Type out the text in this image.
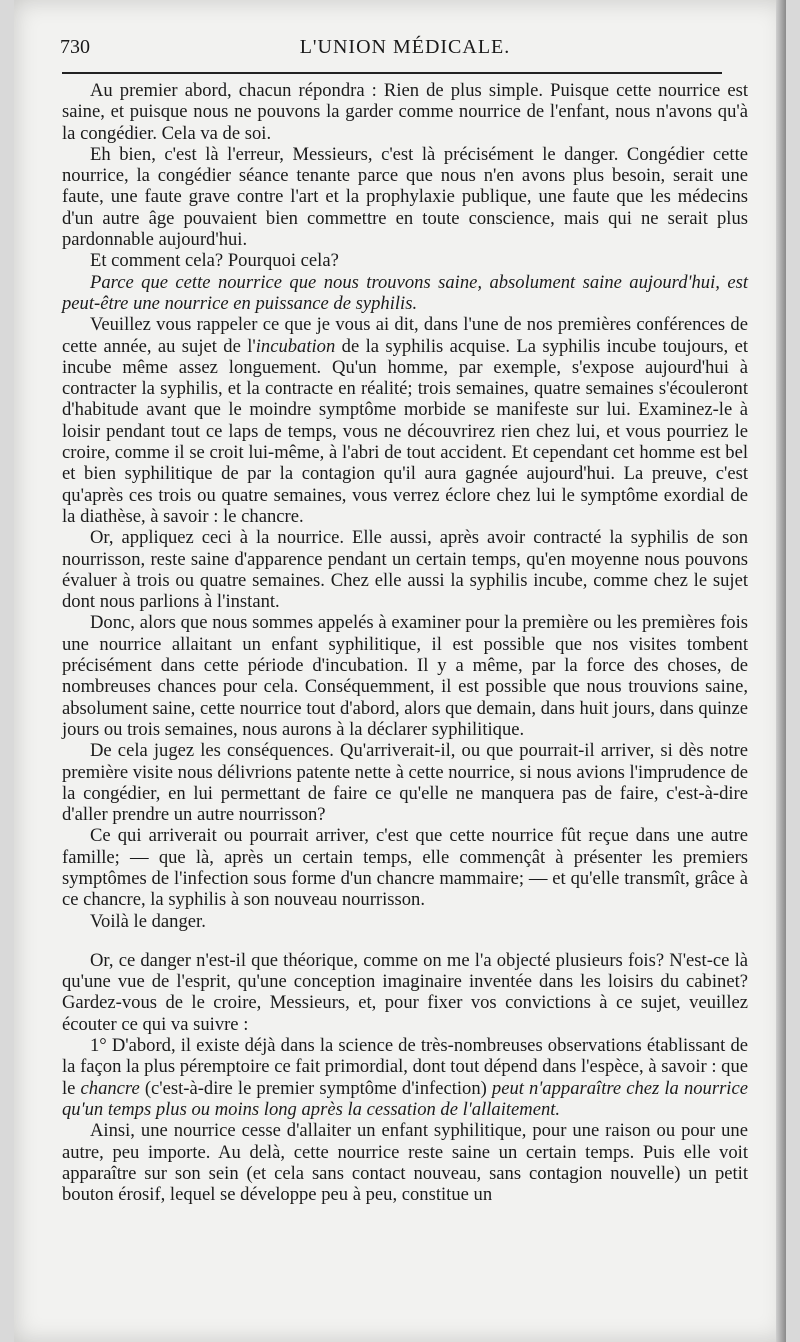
730	L'UNION MÉDICALE.

Au premier abord, chacun répondra : Rien de plus simple. Puisque cette nourrice est saine, et puisque nous ne pouvons la garder comme nourrice de l'enfant, nous n'avons qu'à la congédier. Cela va de soi.

Eh bien, c'est là l'erreur, Messieurs, c'est là précisément le danger. Congédier cette nourrice, la congédier séance tenante parce que nous n'en avons plus besoin, serait une faute, une faute grave contre l'art et la prophylaxie publique, une faute que les médecins d'un autre âge pouvaient bien commettre en toute conscience, mais qui ne serait plus pardonnable aujourd'hui.

Et comment cela? Pourquoi cela?

Parce que cette nourrice que nous trouvons saine, absolument saine aujourd'hui, est peut-être une nourrice en puissance de syphilis.

Veuillez vous rappeler ce que je vous ai dit, dans l'une de nos premières conférences de cette année, au sujet de l'incubation de la syphilis acquise. La syphilis incube toujours, et incube même assez longuement. Qu'un homme, par exemple, s'expose aujourd'hui à contracter la syphilis, et la contracte en réalité; trois semaines, quatre semaines s'écouleront d'habitude avant que le moindre symptôme morbide se manifeste sur lui. Examinez-le à loisir pendant tout ce laps de temps, vous ne découvrirez rien chez lui, et vous pourriez le croire, comme il se croit lui-même, à l'abri de tout accident. Et cependant cet homme est bel et bien syphilitique de par la contagion qu'il aura gagnée aujourd'hui. La preuve, c'est qu'après ces trois ou quatre semaines, vous verrez éclore chez lui le symptôme exordial de la diathèse, à savoir : le chancre.

Or, appliquez ceci à la nourrice. Elle aussi, après avoir contracté la syphilis de son nourrisson, reste saine d'apparence pendant un certain temps, qu'en moyenne nous pouvons évaluer à trois ou quatre semaines. Chez elle aussi la syphilis incube, comme chez le sujet dont nous parlions à l'instant.

Donc, alors que nous sommes appelés à examiner pour la première ou les premières fois une nourrice allaitant un enfant syphilitique, il est possible que nos visites tombent précisément dans cette période d'incubation. Il y a même, par la force des choses, de nombreuses chances pour cela. Conséquemment, il est possible que nous trouvions saine, absolument saine, cette nourrice tout d'abord, alors que demain, dans huit jours, dans quinze jours ou trois semaines, nous aurons à la déclarer syphilitique.

De cela jugez les conséquences. Qu'arriverait-il, ou que pourrait-il arriver, si dès notre première visite nous délivrions patente nette à cette nourrice, si nous avions l'imprudence de la congédier, en lui permettant de faire ce qu'elle ne manquera pas de faire, c'est-à-dire d'aller prendre un autre nourrisson?

Ce qui arriverait ou pourrait arriver, c'est que cette nourrice fût reçue dans une autre famille; — que là, après un certain temps, elle commençât à présenter les premiers symptômes de l'infection sous forme d'un chancre mammaire; — et qu'elle transmît, grâce à ce chancre, la syphilis à son nouveau nourrisson.

Voilà le danger.

Or, ce danger n'est-il que théorique, comme on me l'a objecté plusieurs fois? N'est-ce là qu'une vue de l'esprit, qu'une conception imaginaire inventée dans les loisirs du cabinet? Gardez-vous de le croire, Messieurs, et, pour fixer vos convictions à ce sujet, veuillez écouter ce qui va suivre :

1° D'abord, il existe déjà dans la science de très-nombreuses observations établissant de la façon la plus péremptoire ce fait primordial, dont tout dépend dans l'espèce, à savoir : que le chancre (c'est-à-dire le premier symptôme d'infection) peut n'apparaître chez la nourrice qu'un temps plus ou moins long après la cessation de l'allaitement.

Ainsi, une nourrice cesse d'allaiter un enfant syphilitique, pour une raison ou pour une autre, peu importe. Au delà, cette nourrice reste saine un certain temps. Puis elle voit apparaître sur son sein (et cela sans contact nouveau, sans contagion nouvelle) un petit bouton érosif, lequel se développe peu à peu, constitue un
